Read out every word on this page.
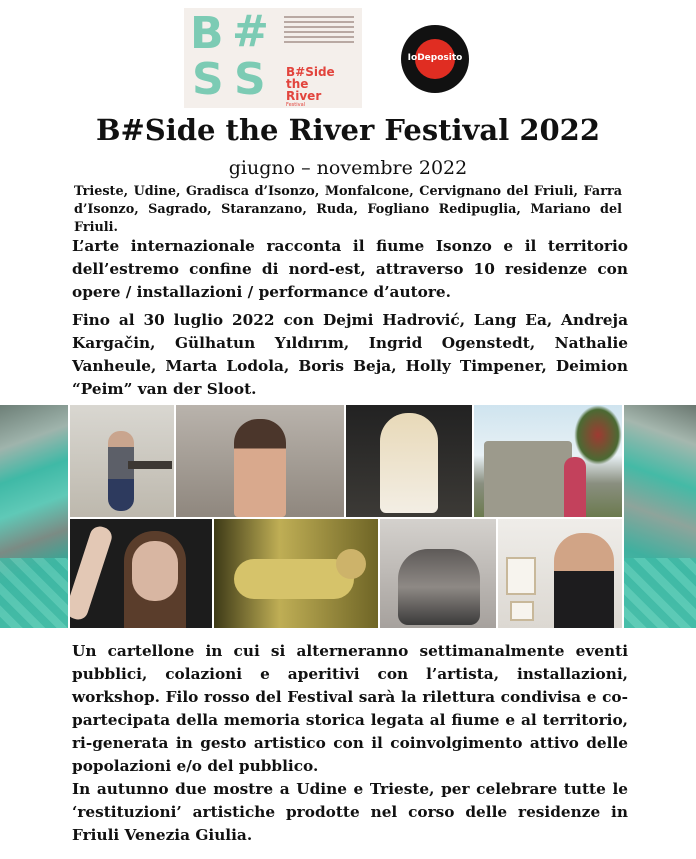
B #
S S B#Side
the
River
Festival
IoDeposito
B#Side the River Festival 2022

giugno – novembre 2022

Trieste, Udine, Gradisca d’Isonzo, Monfalcone, Cervignano del Friuli, Farra d’Isonzo, Sagrado, Staranzano, Ruda, Fogliano Redipuglia, Mariano del Friuli.

L’arte internazionale racconta il fiume Isonzo e il territorio dell’estremo confine di nord-est, attraverso 10 residenze con opere / installazioni / performance d’autore.

Fino al 30 luglio 2022 con Dejmi Hadrović, Lang Ea, Andreja Kargačin, Gülhatun Yıldırım, Ingrid Ogenstedt, Nathalie Vanheule, Marta Lodola, Boris Beja, Holly Timpener, Deimion “Peim” van der Sloot.

Un cartellone in cui si alterneranno settimanalmente eventi pubblici, colazioni e aperitivi con l’artista, installazioni, workshop. Filo rosso del Festival sarà la rilettura condivisa e co-partecipata della memoria storica legata al fiume e al territorio, ri-generata in gesto artistico con il coinvolgimento attivo delle popolazioni e/o del pubblico.

In autunno due mostre a Udine e Trieste, per celebrare tutte le ‘restituzioni’ artistiche prodotte nel corso delle residenze in Friuli Venezia Giulia.
